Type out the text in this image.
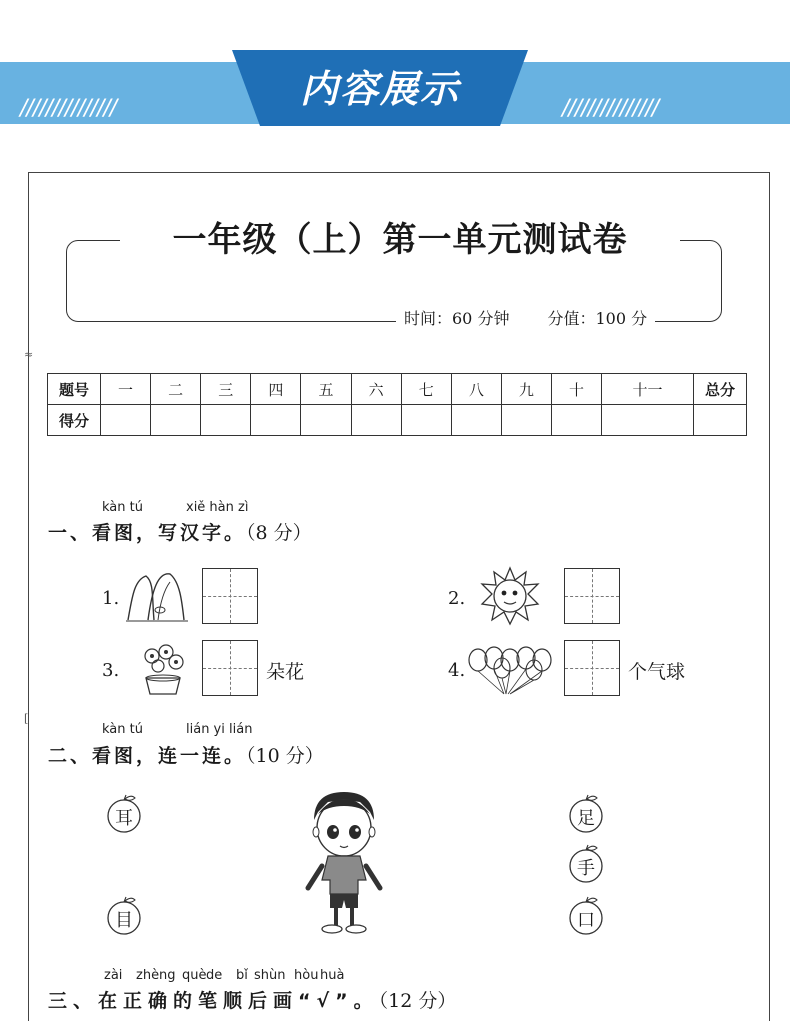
///////////////	///////////////
内容展示
≈
[
一年级（上）第一单元测试卷
时间：60 分钟 分值：100 分
题号	一	二	三	四	五	六	七	八	九	十	十一	总分
得分												
kàn tú	xiě hàn zì
一、看图，写汉字。（8 分）
1.	2.
3.	朵花	4.	个气球
kàn tú	lián yi lián
二、看图，连一连。（10 分）
耳
目
足
手
口
zài zhèng què de bǐ shùn hòu huà
三、在正确的笔顺后画“√”。（12 分）
